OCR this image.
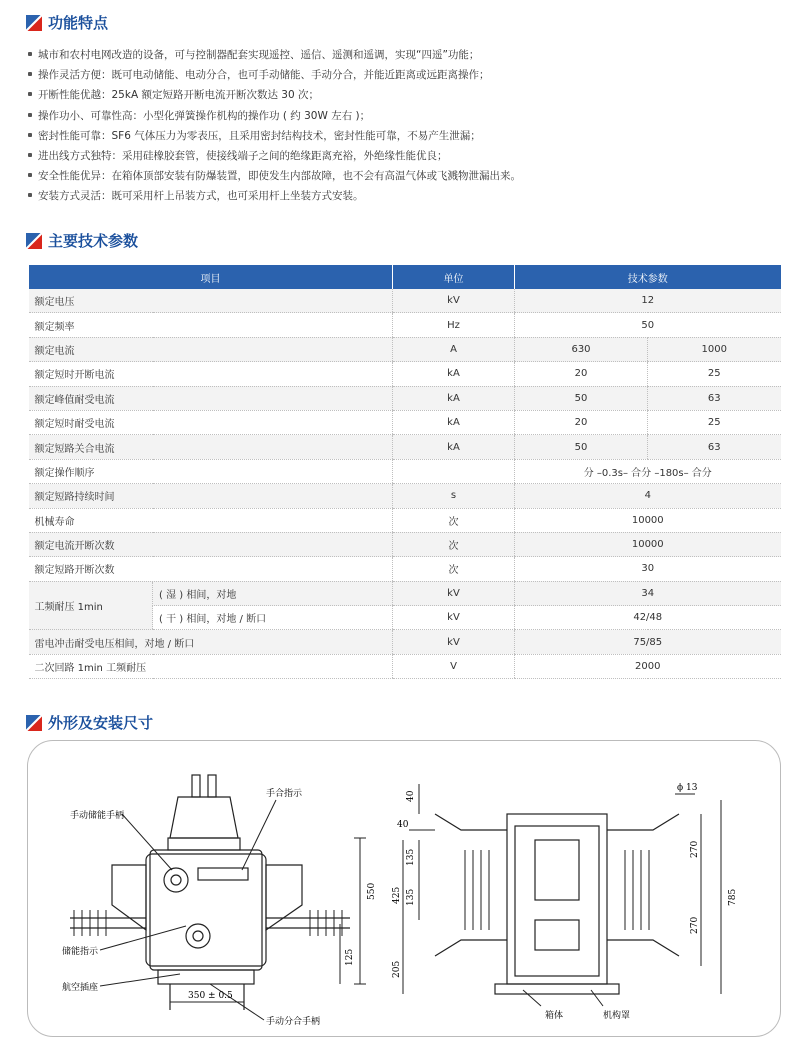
功能特点
城市和农村电网改造的设备，可与控制器配套实现遥控、遥信、遥测和遥调，实现“四遥”功能；
操作灵活方便：既可电动储能、电动分合，也可手动储能、手动分合，并能近距离或远距离操作；
开断性能优越：25kA 额定短路开断电流开断次数达 30 次；
操作功小、可靠性高：小型化弹簧操作机构的操作功 ( 约 30W 左右 )；
密封性能可靠：SF6 气体压力为零表压，且采用密封结构技术，密封性能可靠，不易产生泄漏；
进出线方式独特：采用硅橡胶套管，使接线端子之间的绝缘距离充裕，外绝缘性能优良；
安全性能优异：在箱体顶部安装有防爆装置，即使发生内部故障，也不会有高温气体或飞溅物泄漏出来。
安装方式灵活：既可采用杆上吊装方式，也可采用杆上坐装方式安装。
主要技术参数
项目		单位	技术参数	
额定电压		kV	12	
额定频率		Hz	50	
额定电流		A	630	1000
额定短时开断电流		kA	20	25
额定峰值耐受电流		kA	50	63
额定短时耐受电流		kA	20	25
额定短路关合电流		kA	50	63
额定操作顺序			分 –0.3s– 合分 –180s– 合分	
额定短路持续时间		s	4	
机械寿命		次	10000	
额定电流开断次数		次	10000	
额定短路开断次数		次	30	
工频耐压 1min	( 湿 ) 相间，对地	kV	34	
	( 干 ) 相间，对地 / 断口	kV	42/48	
雷电冲击耐受电压相间，对地 / 断口		kV	75/85	
二次回路 1min 工频耐压		V	2000	
外形及安装尺寸
手动储能手柄
手合指示
储能指示
航空插座
手动分合手柄
350 ± 0.5
550
125
40
40
135
135
425
205
270
270
785
ϕ 13
箱体	机构罩
